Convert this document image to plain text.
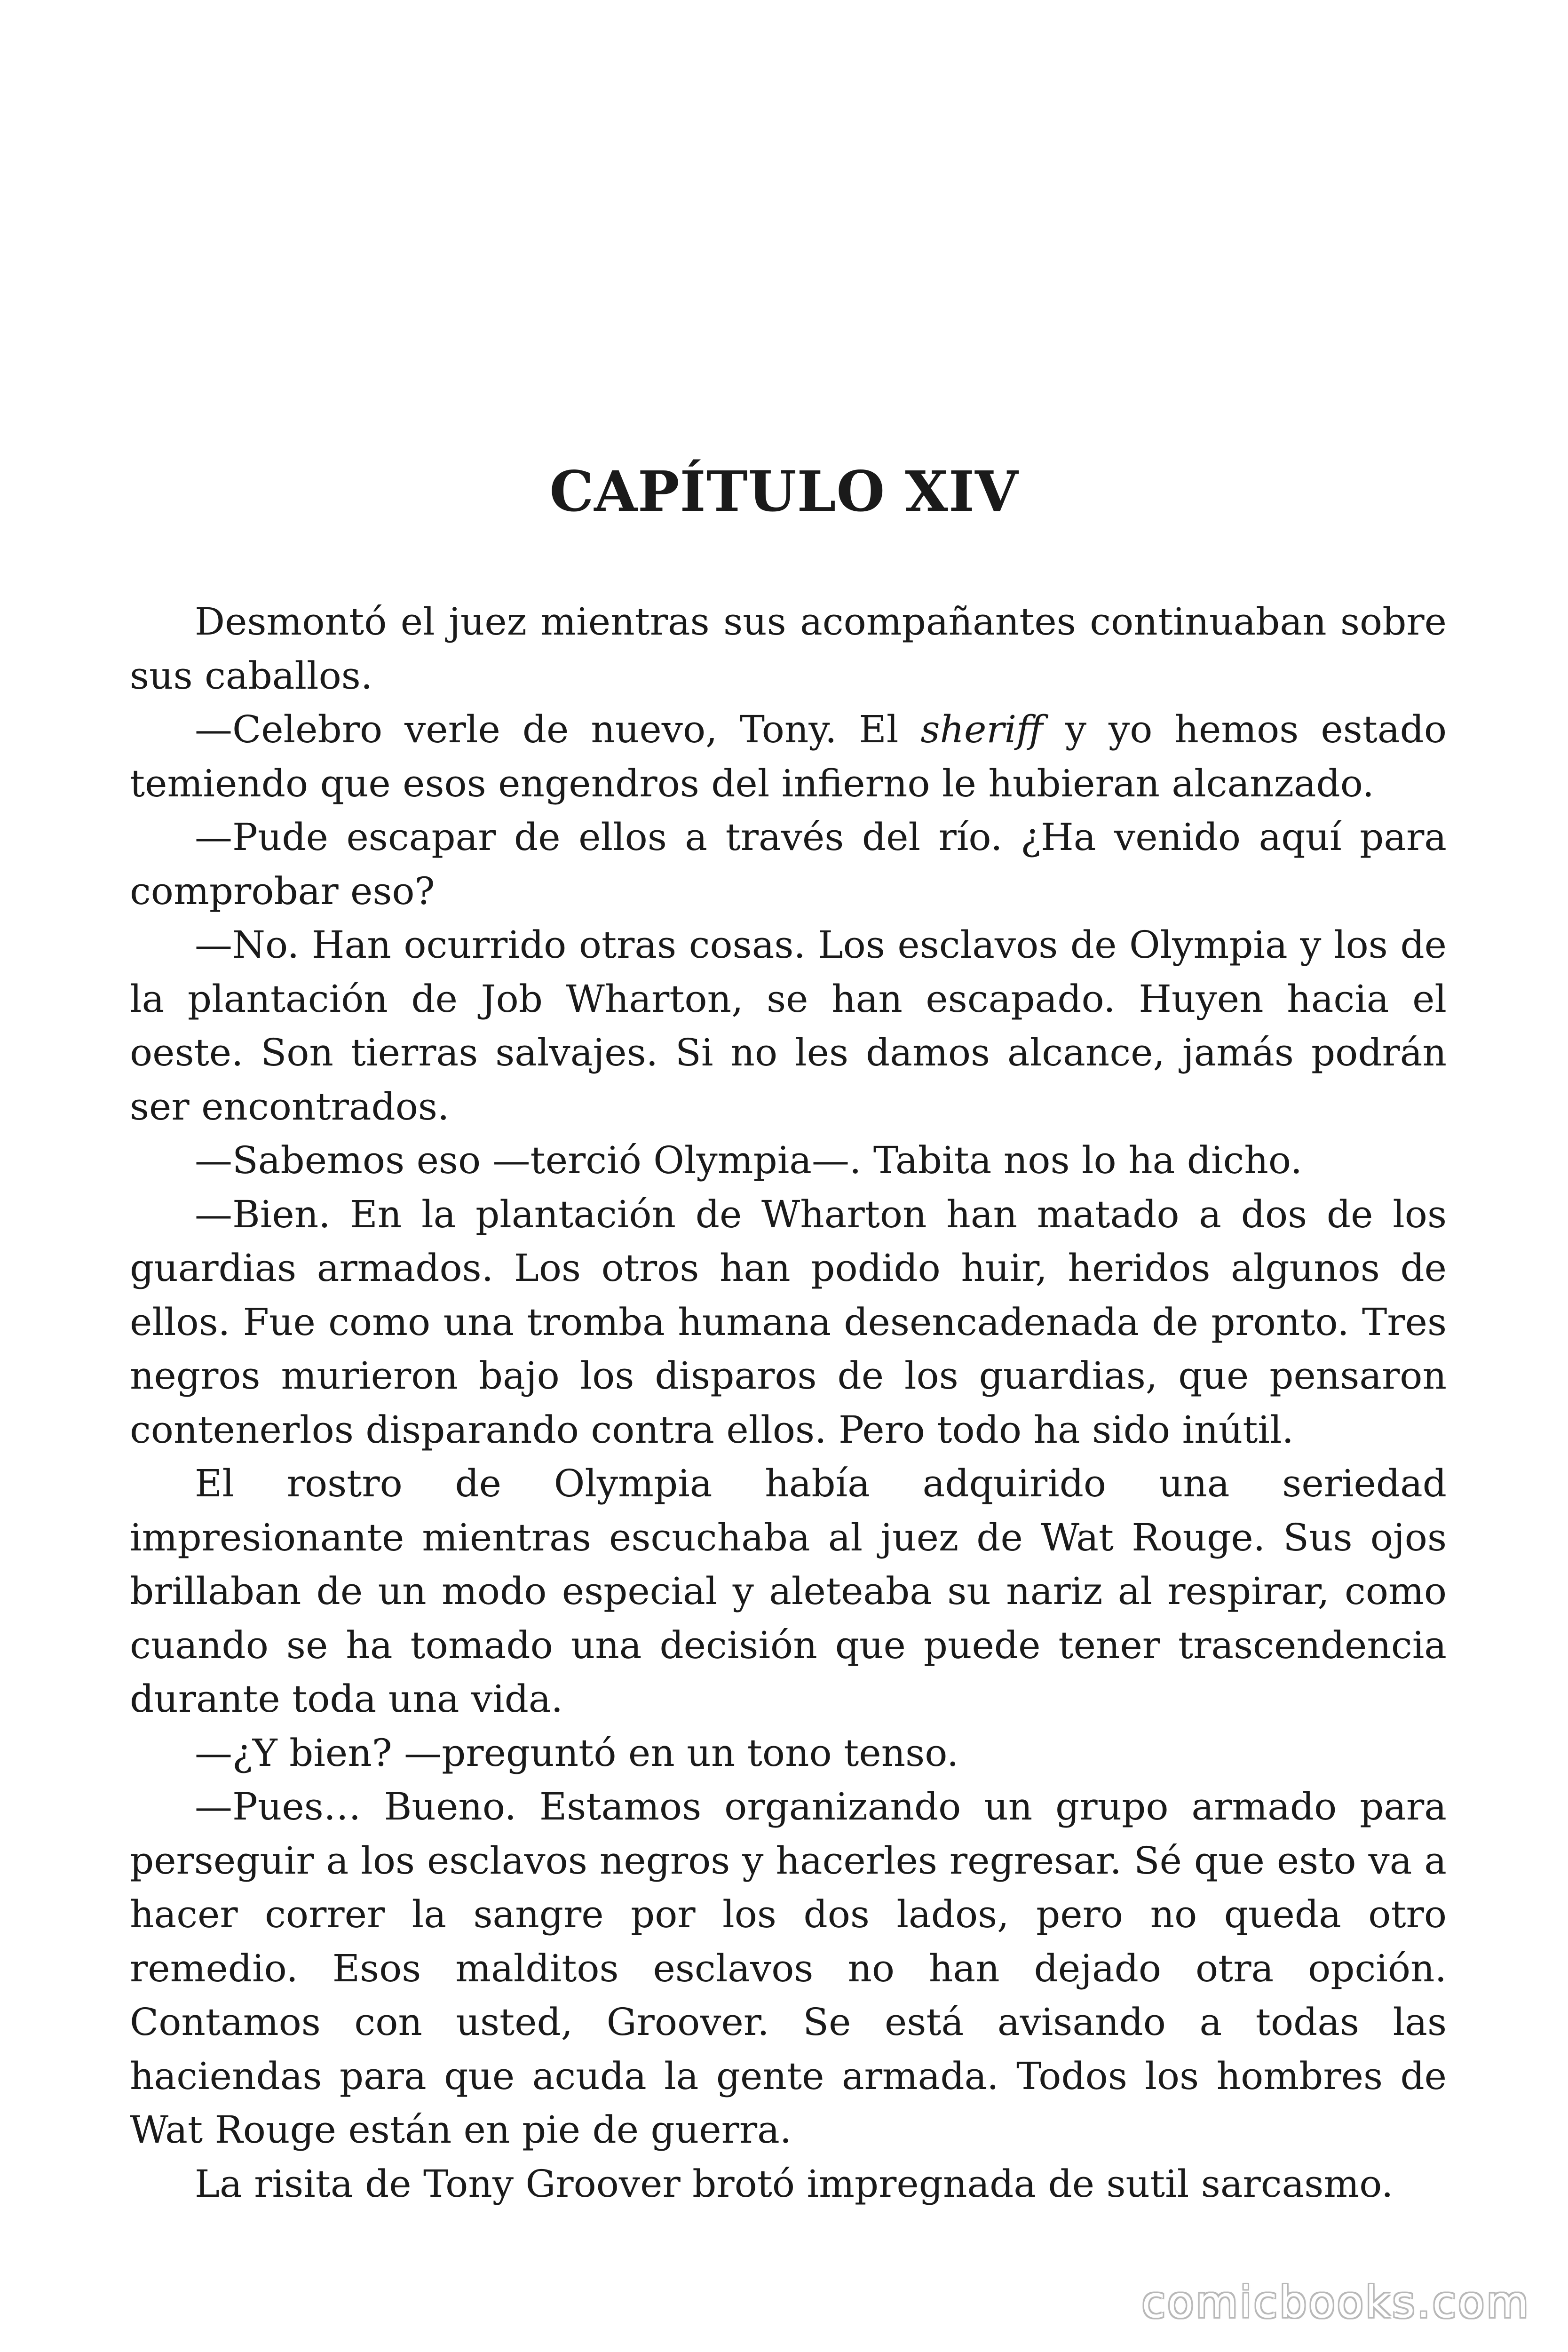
CAPÍTULO XIV

Desmontó el juez mientras sus acompañantes continuaban sobre sus caballos.

—Celebro verle de nuevo, Tony. El sheriff y yo hemos estado temiendo que esos engendros del infierno le hubieran alcanzado.

—Pude escapar de ellos a través del río. ¿Ha venido aquí para comprobar eso?

—No. Han ocurrido otras cosas. Los esclavos de Olympia y los de la plantación de Job Wharton, se han escapado. Huyen hacia el oeste. Son tierras salvajes. Si no les damos alcance, jamás podrán ser encontrados.

—Sabemos eso —terció Olympia—. Tabita nos lo ha dicho.

—Bien. En la plantación de Wharton han matado a dos de los guardias armados. Los otros han podido huir, heridos algunos de ellos. Fue como una tromba humana desencadenada de pronto. Tres negros murieron bajo los disparos de los guardias, que pensaron contenerlos disparando contra ellos. Pero todo ha sido inútil.

El rostro de Olympia había adquirido una seriedad impresionante mientras escuchaba al juez de Wat Rouge. Sus ojos brillaban de un modo especial y aleteaba su nariz al respirar, como cuando se ha tomado una decisión que puede tener trascendencia durante toda una vida.

—¿Y bien? —preguntó en un tono tenso.

—Pues… Bueno. Estamos organizando un grupo armado para perseguir a los esclavos negros y hacerles regresar. Sé que esto va a hacer correr la sangre por los dos lados, pero no queda otro remedio. Esos malditos esclavos no han dejado otra opción. Contamos con usted, Groover. Se está avisando a todas las haciendas para que acuda la gente armada. Todos los hombres de Wat Rouge están en pie de guerra.

La risita de Tony Groover brotó impregnada de sutil sarcasmo.

comicbooks.com
